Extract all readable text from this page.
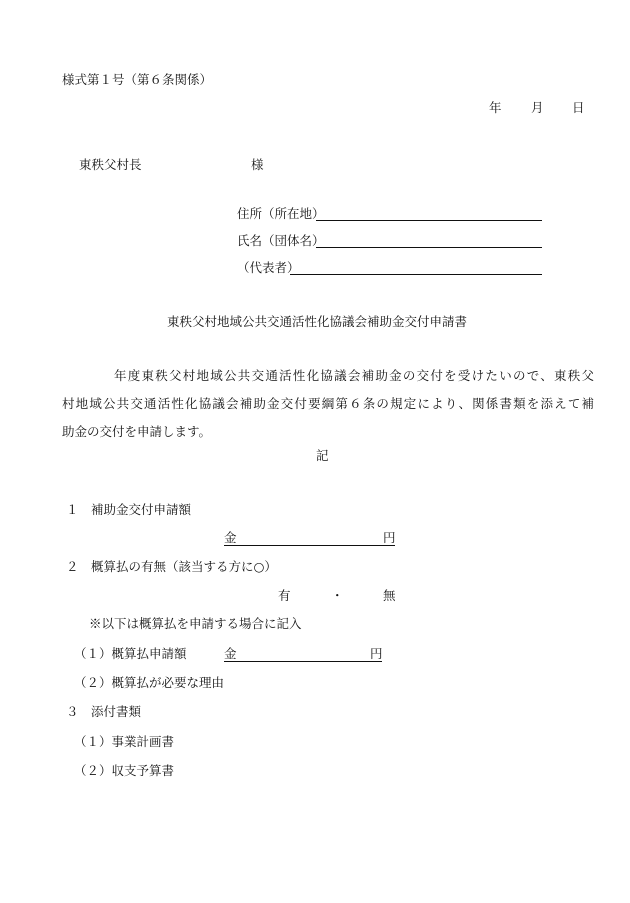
様式第１号（第６条関係）
年 月 日
東秩父村長	様
住所（所在地）
氏名（団体名）
（代表者）
東秩父村地域公共交通活性化協議会補助金交付申請書
年度東秩父村地域公共交通活性化協議会補助金の交付を受けたいので、東秩父
村地域公共交通活性化協議会補助金交付要綱第６条の規定により、関係書類を添えて補
助金の交付を申請します。
記
１　補助金交付申請額
金	円
２　概算払の有無（該当する方に○）
有	・	無
※以下は概算払を申請する場合に記入
（１）概算払申請額	金	円
（２）概算払が必要な理由
３　添付書類
（１）事業計画書
（２）収支予算書
